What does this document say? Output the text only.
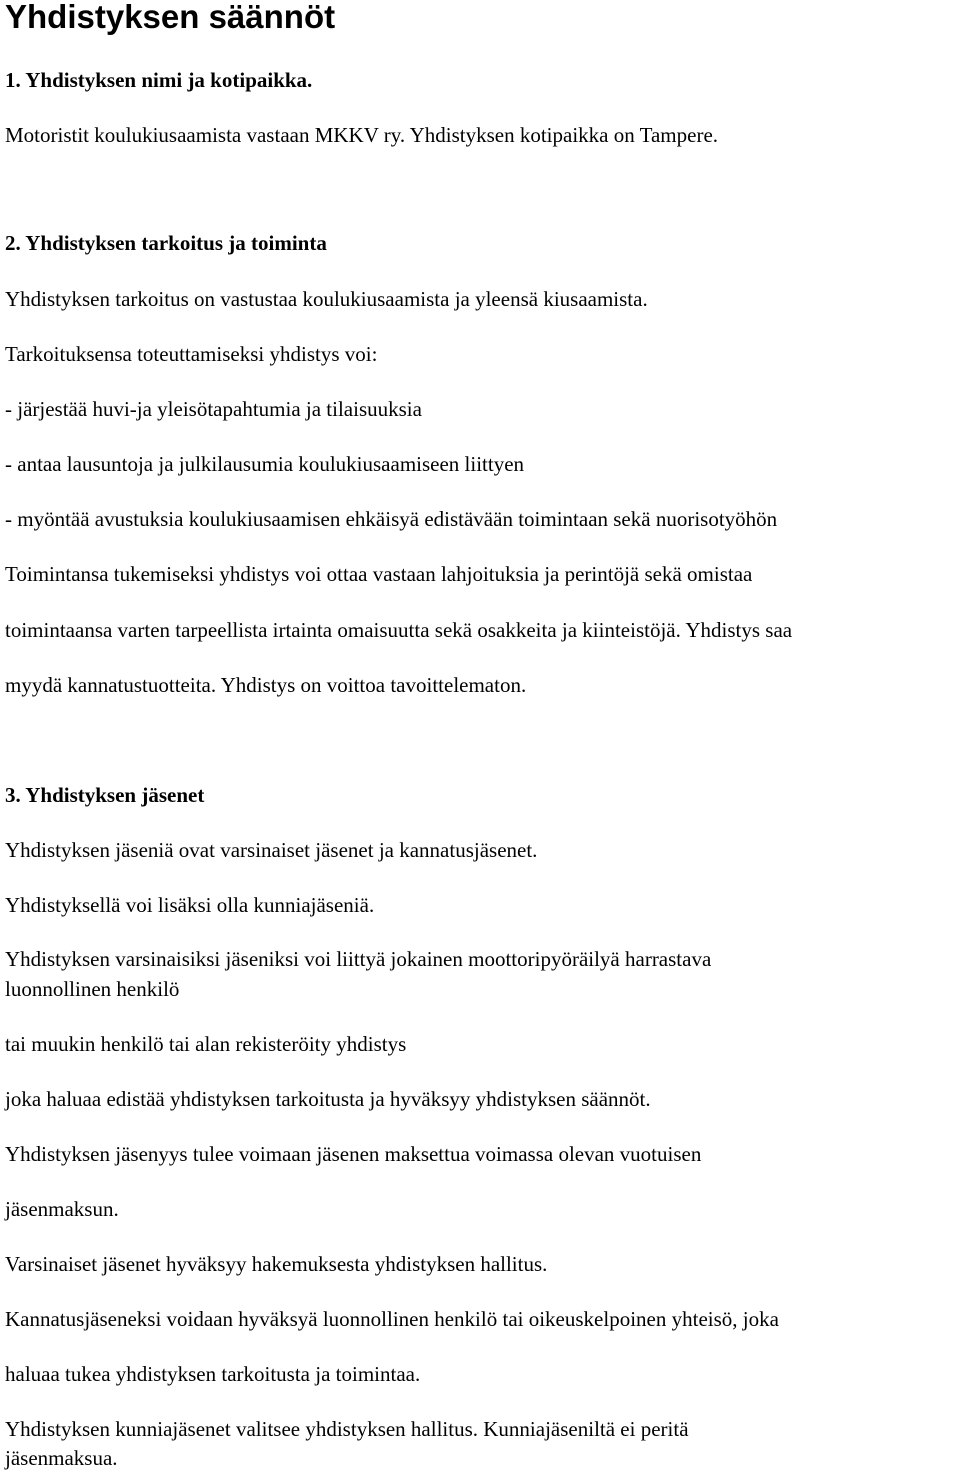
Yhdistyksen säännöt

1. Yhdistyksen nimi ja kotipaikka.

Motoristit koulukiusaamista vastaan MKKV ry. Yhdistyksen kotipaikka on Tampere.

2. Yhdistyksen tarkoitus ja toiminta

Yhdistyksen tarkoitus on vastustaa koulukiusaamista ja yleensä kiusaamista.

Tarkoituksensa toteuttamiseksi yhdistys voi:

- järjestää huvi-ja yleisötapahtumia ja tilaisuuksia

- antaa lausuntoja ja julkilausumia koulukiusaamiseen liittyen

- myöntää avustuksia koulukiusaamisen ehkäisyä edistävään toimintaan sekä nuorisotyöhön

Toimintansa tukemiseksi yhdistys voi ottaa vastaan lahjoituksia ja perintöjä sekä omistaa

toimintaansa varten tarpeellista irtainta omaisuutta sekä osakkeita ja kiinteistöjä. Yhdistys saa

myydä kannatustuotteita. Yhdistys on voittoa tavoittelematon.

3. Yhdistyksen jäsenet

Yhdistyksen jäseniä ovat varsinaiset jäsenet ja kannatusjäsenet.

Yhdistyksellä voi lisäksi olla kunniajäseniä.

Yhdistyksen varsinaisiksi jäseniksi voi liittyä jokainen moottoripyöräilyä harrastava

luonnollinen henkilö

tai muukin henkilö tai alan rekisteröity yhdistys

joka haluaa edistää yhdistyksen tarkoitusta ja hyväksyy yhdistyksen säännöt.

Yhdistyksen jäsenyys tulee voimaan jäsenen maksettua voimassa olevan vuotuisen

jäsenmaksun.

Varsinaiset jäsenet hyväksyy hakemuksesta yhdistyksen hallitus.

Kannatusjäseneksi voidaan hyväksyä luonnollinen henkilö tai oikeuskelpoinen yhteisö, joka

haluaa tukea yhdistyksen tarkoitusta ja toimintaa.

Yhdistyksen kunniajäsenet valitsee yhdistyksen hallitus. Kunniajäseniltä ei peritä

jäsenmaksua.
